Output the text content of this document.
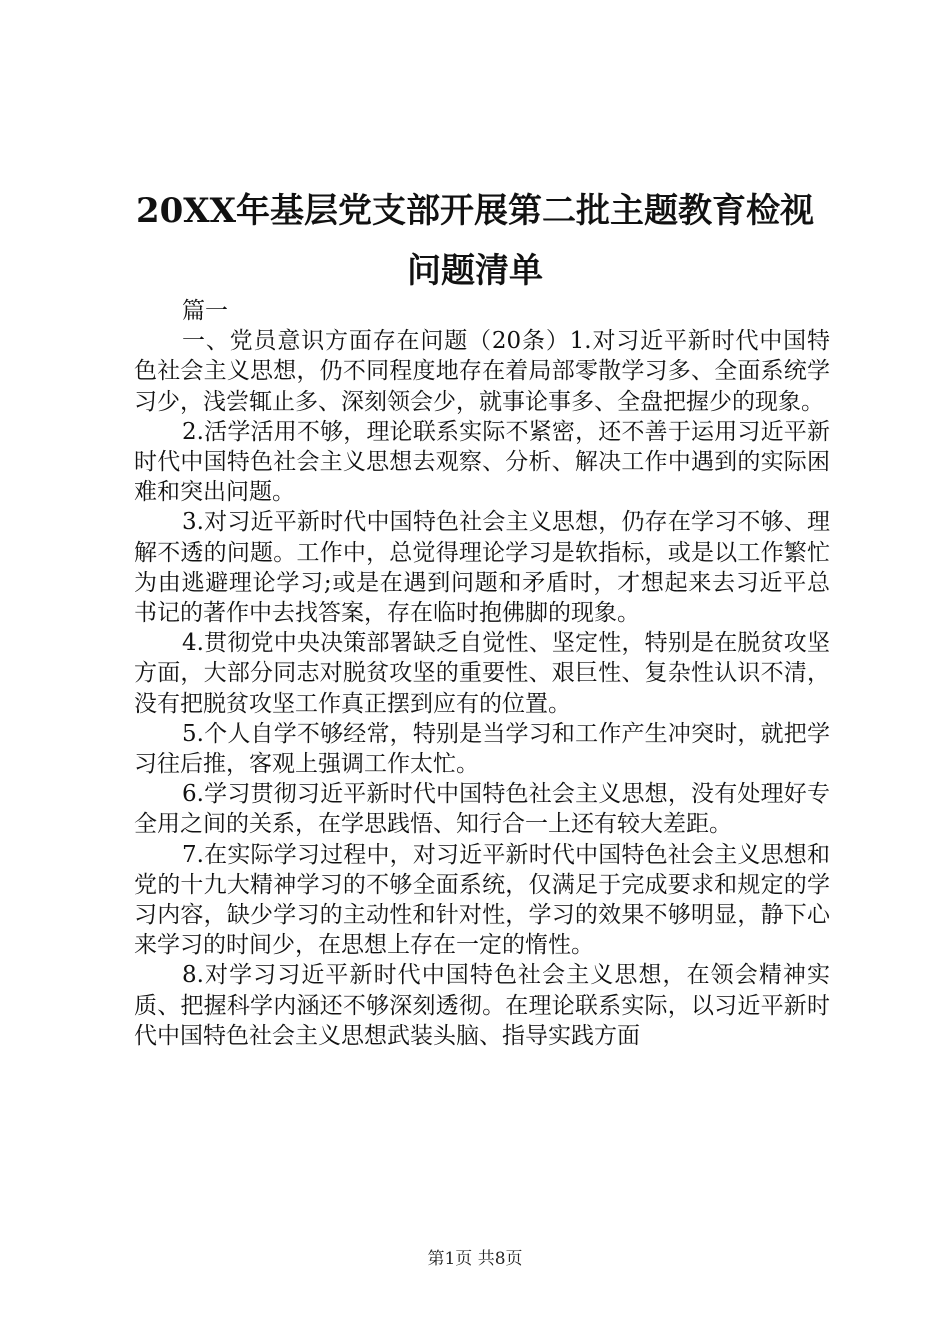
20XX年基层党支部开展第二批主题教育检视
问题清单

篇一

一、党员意识方面存在问题（20条）1.对习近平新时代中国特色社会主义思想，仍不同程度地存在着局部零散学习多、全面系统学习少，浅尝辄止多、深刻领会少，就事论事多、全盘把握少的现象。

2.活学活用不够，理论联系实际不紧密，还不善于运用习近平新时代中国特色社会主义思想去观察、分析、解决工作中遇到的实际困难和突出问题。

3.对习近平新时代中国特色社会主义思想，仍存在学习不够、理解不透的问题。工作中，总觉得理论学习是软指标，或是以工作繁忙为由逃避理论学习;或是在遇到问题和矛盾时，才想起来去习近平总书记的著作中去找答案，存在临时抱佛脚的现象。

4.贯彻党中央决策部署缺乏自觉性、坚定性，特别是在脱贫攻坚方面，大部分同志对脱贫攻坚的重要性、艰巨性、复杂性认识不清，没有把脱贫攻坚工作真正摆到应有的位置。

5.个人自学不够经常，特别是当学习和工作产生冲突时，就把学习往后推，客观上强调工作太忙。

6.学习贯彻习近平新时代中国特色社会主义思想，没有处理好专全用之间的关系，在学思践悟、知行合一上还有较大差距。

7.在实际学习过程中，对习近平新时代中国特色社会主义思想和党的十九大精神学习的不够全面系统，仅满足于完成要求和规定的学习内容，缺少学习的主动性和针对性，学习的效果不够明显，静下心来学习的时间少，在思想上存在一定的惰性。

8.对学习习近平新时代中国特色社会主义思想，在领会精神实质、把握科学内涵还不够深刻透彻。在理论联系实际，以习近平新时代中国特色社会主义思想武装头脑、指导实践方面

第1页 共8页
